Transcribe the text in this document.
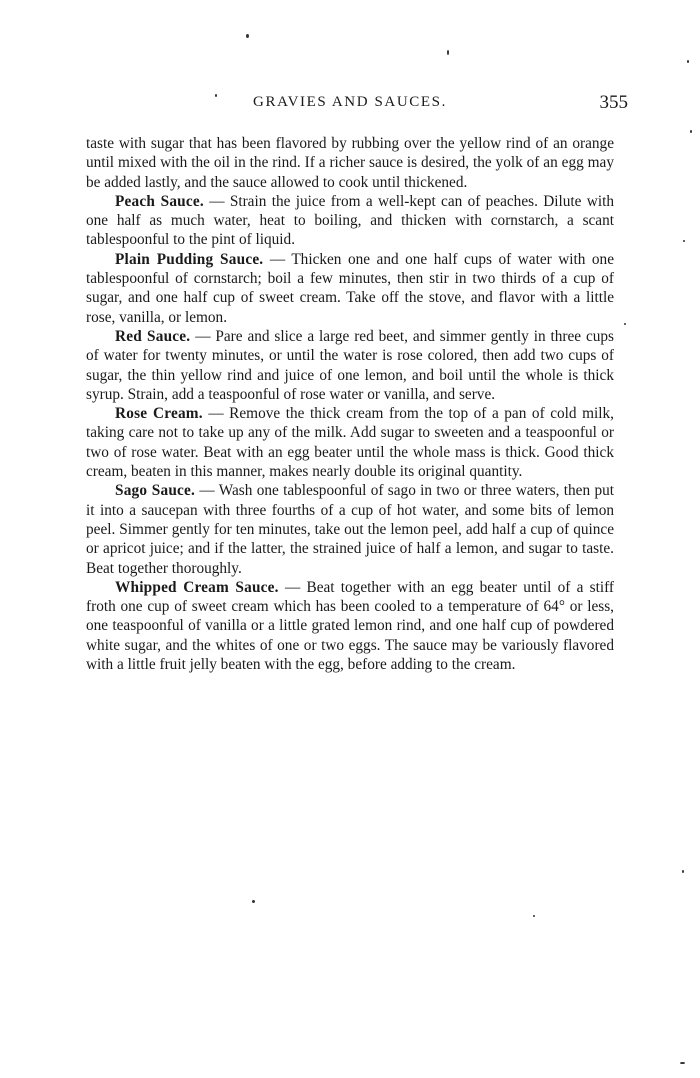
GRAVIES AND SAUCES.	355

taste with sugar that has been flavored by rubbing over the yellow rind of an orange until mixed with the oil in the rind. If a richer sauce is desired, the yolk of an egg may be added lastly, and the sauce allowed to cook until thickened.

Peach Sauce. — Strain the juice from a well-kept can of peaches. Dilute with one half as much water, heat to boiling, and thicken with cornstarch, a scant tablespoonful to the pint of liquid.

Plain Pudding Sauce. — Thicken one and one half cups of water with one tablespoonful of cornstarch; boil a few minutes, then stir in two thirds of a cup of sugar, and one half cup of sweet cream. Take off the stove, and flavor with a little rose, vanilla, or lemon.

Red Sauce. — Pare and slice a large red beet, and simmer gently in three cups of water for twenty minutes, or until the water is rose colored, then add two cups of sugar, the thin yellow rind and juice of one lemon, and boil until the whole is thick syrup. Strain, add a teaspoonful of rose water or vanilla, and serve.

Rose Cream. — Remove the thick cream from the top of a pan of cold milk, taking care not to take up any of the milk. Add sugar to sweeten and a teaspoonful or two of rose water. Beat with an egg beater until the whole mass is thick. Good thick cream, beaten in this manner, makes nearly double its original quantity.

Sago Sauce. — Wash one tablespoonful of sago in two or three waters, then put it into a saucepan with three fourths of a cup of hot water, and some bits of lemon peel. Simmer gently for ten minutes, take out the lemon peel, add half a cup of quince or apricot juice; and if the latter, the strained juice of half a lemon, and sugar to taste. Beat together thoroughly.

Whipped Cream Sauce. — Beat together with an egg beater until of a stiff froth one cup of sweet cream which has been cooled to a temperature of 64° or less, one teaspoonful of vanilla or a little grated lemon rind, and one half cup of powdered white sugar, and the whites of one or two eggs. The sauce may be variously flavored with a little fruit jelly beaten with the egg, before adding to the cream.
